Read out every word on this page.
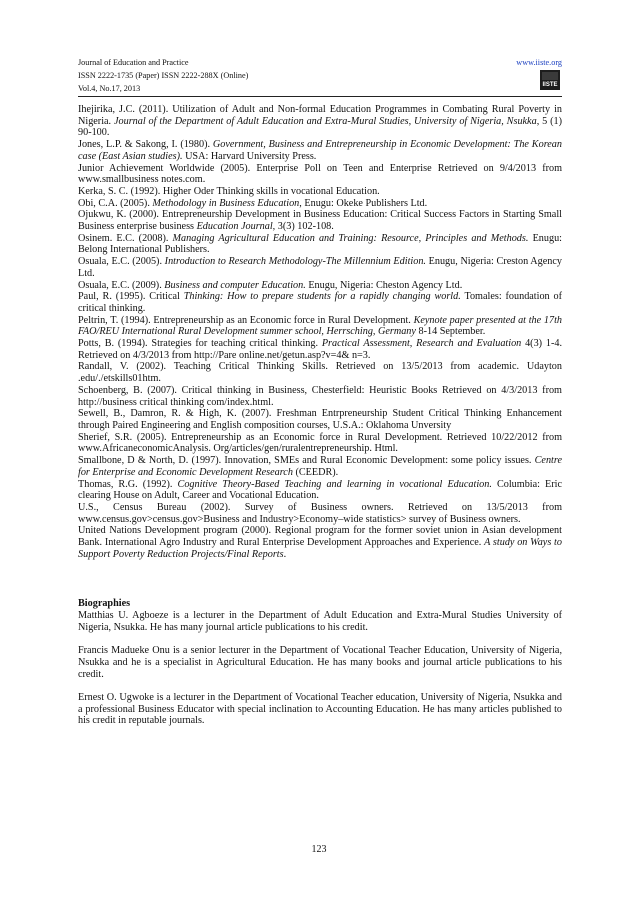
Journal of Education and Practice
ISSN 2222-1735 (Paper) ISSN 2222-288X (Online)
Vol.4, No.17, 2013
www.iiste.org
IISTE

Ihejirika, J.C. (2011). Utilization of Adult and Non-formal Education Programmes in Combating Rural Poverty in Nigeria. Journal of the Department of Adult Education and Extra-Mural Studies, University of Nigeria, Nsukka, 5 (1) 90-100.

Jones, L.P. & Sakong, I. (1980). Government, Business and Entrepreneurship in Economic Development: The Korean case (East Asian studies). USA: Harvard University Press.

Junior Achievement Worldwide (2005). Enterprise Poll on Teen and Enterprise Retrieved on 9/4/2013 from www.smallbusiness notes.com.

Kerka, S. C. (1992). Higher Oder Thinking skills in vocational Education.

Obi, C.A. (2005). Methodology in Business Education, Enugu: Okeke Publishers Ltd.

Ojukwu, K. (2000). Entrepreneurship Development in Business Education: Critical Success Factors in Starting Small Business enterprise business Education Journal, 3(3) 102-108.

Osinem. E.C. (2008). Managing Agricultural Education and Training: Resource, Principles and Methods. Enugu: Belong International Publishers.

Osuala, E.C. (2005). Introduction to Research Methodology-The Millennium Edition. Enugu, Nigeria: Creston Agency Ltd.

Osuala, E.C. (2009). Business and computer Education. Enugu, Nigeria: Cheston Agency Ltd.

Paul, R. (1995). Critical Thinking: How to prepare students for a rapidly changing world. Tomales: foundation of critical thinking.

Peltrin, T. (1994). Entrepreneurship as an Economic force in Rural Development. Keynote paper presented at the 17th FAO/REU International Rural Development summer school, Herrsching, Germany 8-14 September.

Potts, B. (1994). Strategies for teaching critical thinking. Practical Assessment, Research and Evaluation 4(3) 1-4. Retrieved on 4/3/2013 from http://Pare online.net/getun.asp?v=4& n=3.

Randall, V. (2002). Teaching Critical Thinking Skills. Retrieved on 13/5/2013 from academic. Udayton .edu/./etskills01htm.

Schoenberg, B. (2007). Critical thinking in Business, Chesterfield: Heuristic Books Retrieved on 4/3/2013 from http://business critical thinking com/index.html.

Sewell, B., Damron, R. & High, K. (2007). Freshman Entrpreneurship Student Critical Thinking Enhancement through Paired Engineering and English composition courses, U.S.A.: Oklahoma Unversity

Sherief, S.R. (2005). Entrepreneurship as an Economic force in Rural Development. Retrieved 10/22/2012 from www.AfricaneconomicAnalysis. Org/articles/gen/ruralentrepreneurship. Html.

Smallbone, D & North, D. (1997). Innovation, SMEs and Rural Economic Development: some policy issues. Centre for Enterprise and Economic Development Research (CEEDR).

Thomas, R.G. (1992). Cognitive Theory-Based Teaching and learning in vocational Education. Columbia: Eric clearing House on Adult, Career and Vocational Education.

U.S., Census Bureau (2002). Survey of Business owners. Retrieved on 13/5/2013 from www.census.gov>census.gov>Business and Industry>Economy–wide statistics> survey of Business owners.

United Nations Development program (2000). Regional program for the former soviet union in Asian development Bank. International Agro Industry and Rural Enterprise Development Approaches and Experience. A study on Ways to Support Poverty Reduction Projects/Final Reports.

Biographies

Matthias U. Agboeze is a lecturer in the Department of Adult Education and Extra-Mural Studies University of Nigeria, Nsukka. He has many journal article publications to his credit.

Francis Madueke Onu is a senior lecturer in the Department of Vocational Teacher Education, University of Nigeria, Nsukka and he is a specialist in Agricultural Education. He has many books and journal article publications to his credit.

Ernest O. Ugwoke is a lecturer in the Department of Vocational Teacher education, University of Nigeria, Nsukka and a professional Business Educator with special inclination to Accounting Education. He has many articles published to his credit in reputable journals.

123
